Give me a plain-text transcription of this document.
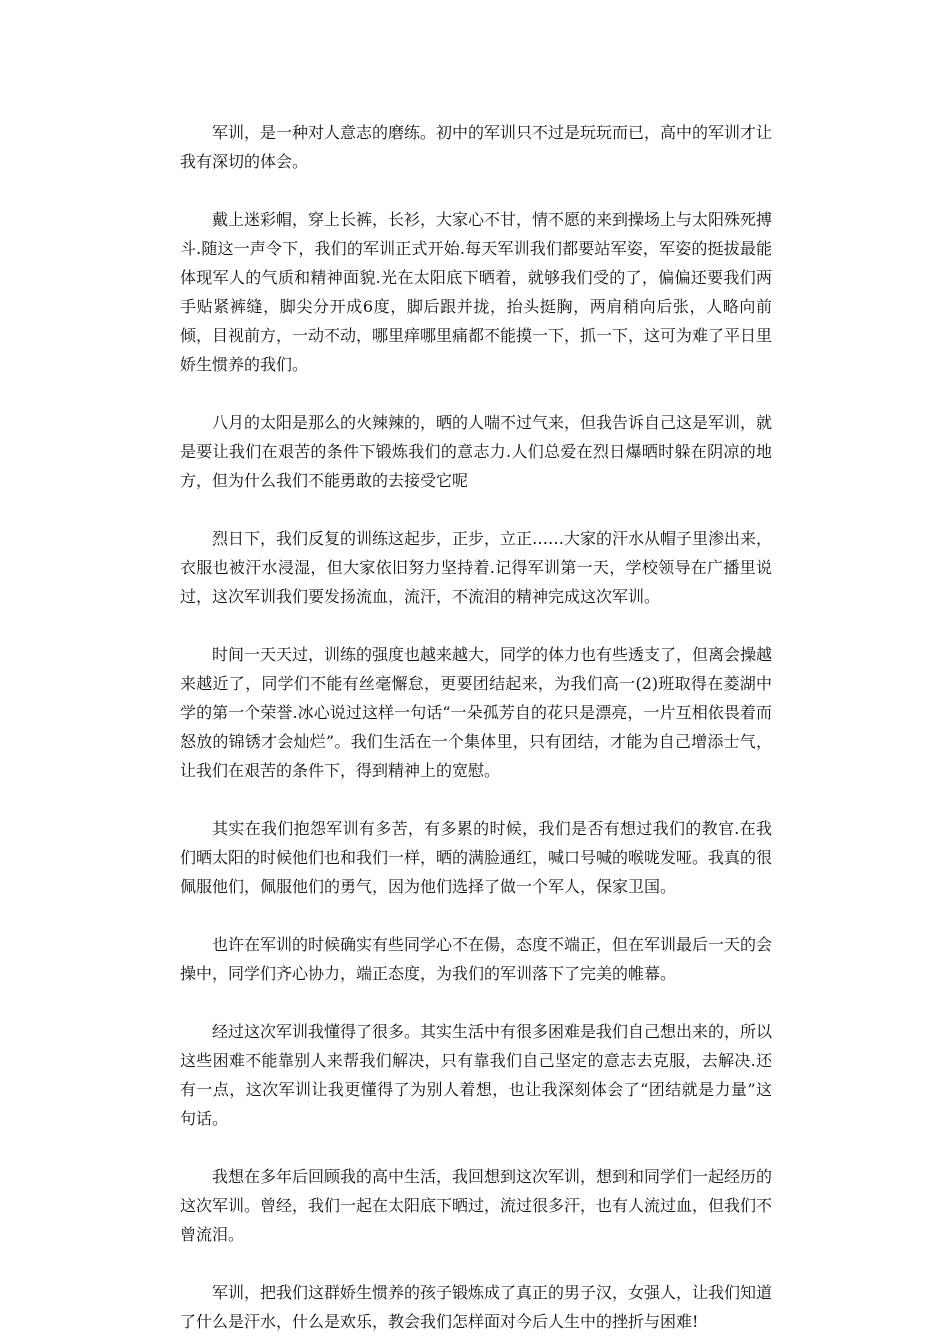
军训，是一种对人意志的磨练。初中的军训只不过是玩玩而已，高中的军训才让我有深切的体会。

戴上迷彩帽，穿上长裤，长衫，大家心不甘，情不愿的来到操场上与太阳殊死搏斗.随这一声令下，我们的军训正式开始.每天军训我们都要站军姿，军姿的挺拔最能体现军人的气质和精神面貌.光在太阳底下晒着，就够我们受的了，偏偏还要我们两手贴紧裤缝，脚尖分开成6度，脚后跟并拢，抬头挺胸，两肩稍向后张，人略向前倾，目视前方，一动不动，哪里痒哪里痛都不能摸一下，抓一下，这可为难了平日里娇生惯养的我们。

八月的太阳是那么的火辣辣的，晒的人喘不过气来，但我告诉自己这是军训，就是要让我们在艰苦的条件下锻炼我们的意志力.人们总爱在烈日爆晒时躲在阴凉的地方，但为什么我们不能勇敢的去接受它呢

烈日下，我们反复的训练这起步，正步，立正……大家的汗水从帽子里渗出来，衣服也被汗水浸湿，但大家依旧努力坚持着.记得军训第一天，学校领导在广播里说过，这次军训我们要发扬流血，流汗，不流泪的精神完成这次军训。

时间一天天过，训练的强度也越来越大，同学的体力也有些透支了，但离会操越来越近了，同学们不能有丝毫懈怠，更要团结起来，为我们高一(2)班取得在菱湖中学的第一个荣誉.冰心说过这样一句话“一朵孤芳自的花只是漂亮，一片互相依畏着而怒放的锦锈才会灿烂”。我们生活在一个集体里，只有团结，才能为自己增添士气，让我们在艰苦的条件下，得到精神上的宽慰。

其实在我们抱怨军训有多苦，有多累的时候，我们是否有想过我们的教官.在我们晒太阳的时候他们也和我们一样，晒的满脸通红，喊口号喊的喉咙发哑。我真的很佩服他们，佩服他们的勇气，因为他们选择了做一个军人，保家卫国。

也许在军训的时候确实有些同学心不在偒，态度不端正，但在军训最后一天的会操中，同学们齐心协力，端正态度，为我们的军训落下了完美的帷幕。

经过这次军训我懂得了很多。其实生活中有很多困难是我们自己想出来的，所以这些困难不能靠别人来帮我们解决，只有靠我们自己坚定的意志去克服，去解决.还有一点，这次军训让我更懂得了为别人着想，也让我深刻体会了“团结就是力量”这句话。

我想在多年后回顾我的高中生活，我回想到这次军训，想到和同学们一起经历的这次军训。曾经，我们一起在太阳底下晒过，流过很多汗，也有人流过血，但我们不曾流泪。

军训，把我们这群娇生惯养的孩子锻炼成了真正的男子汉，女强人，让我们知道了什么是汗水，什么是欢乐，教会我们怎样面对今后人生中的挫折与困难!
